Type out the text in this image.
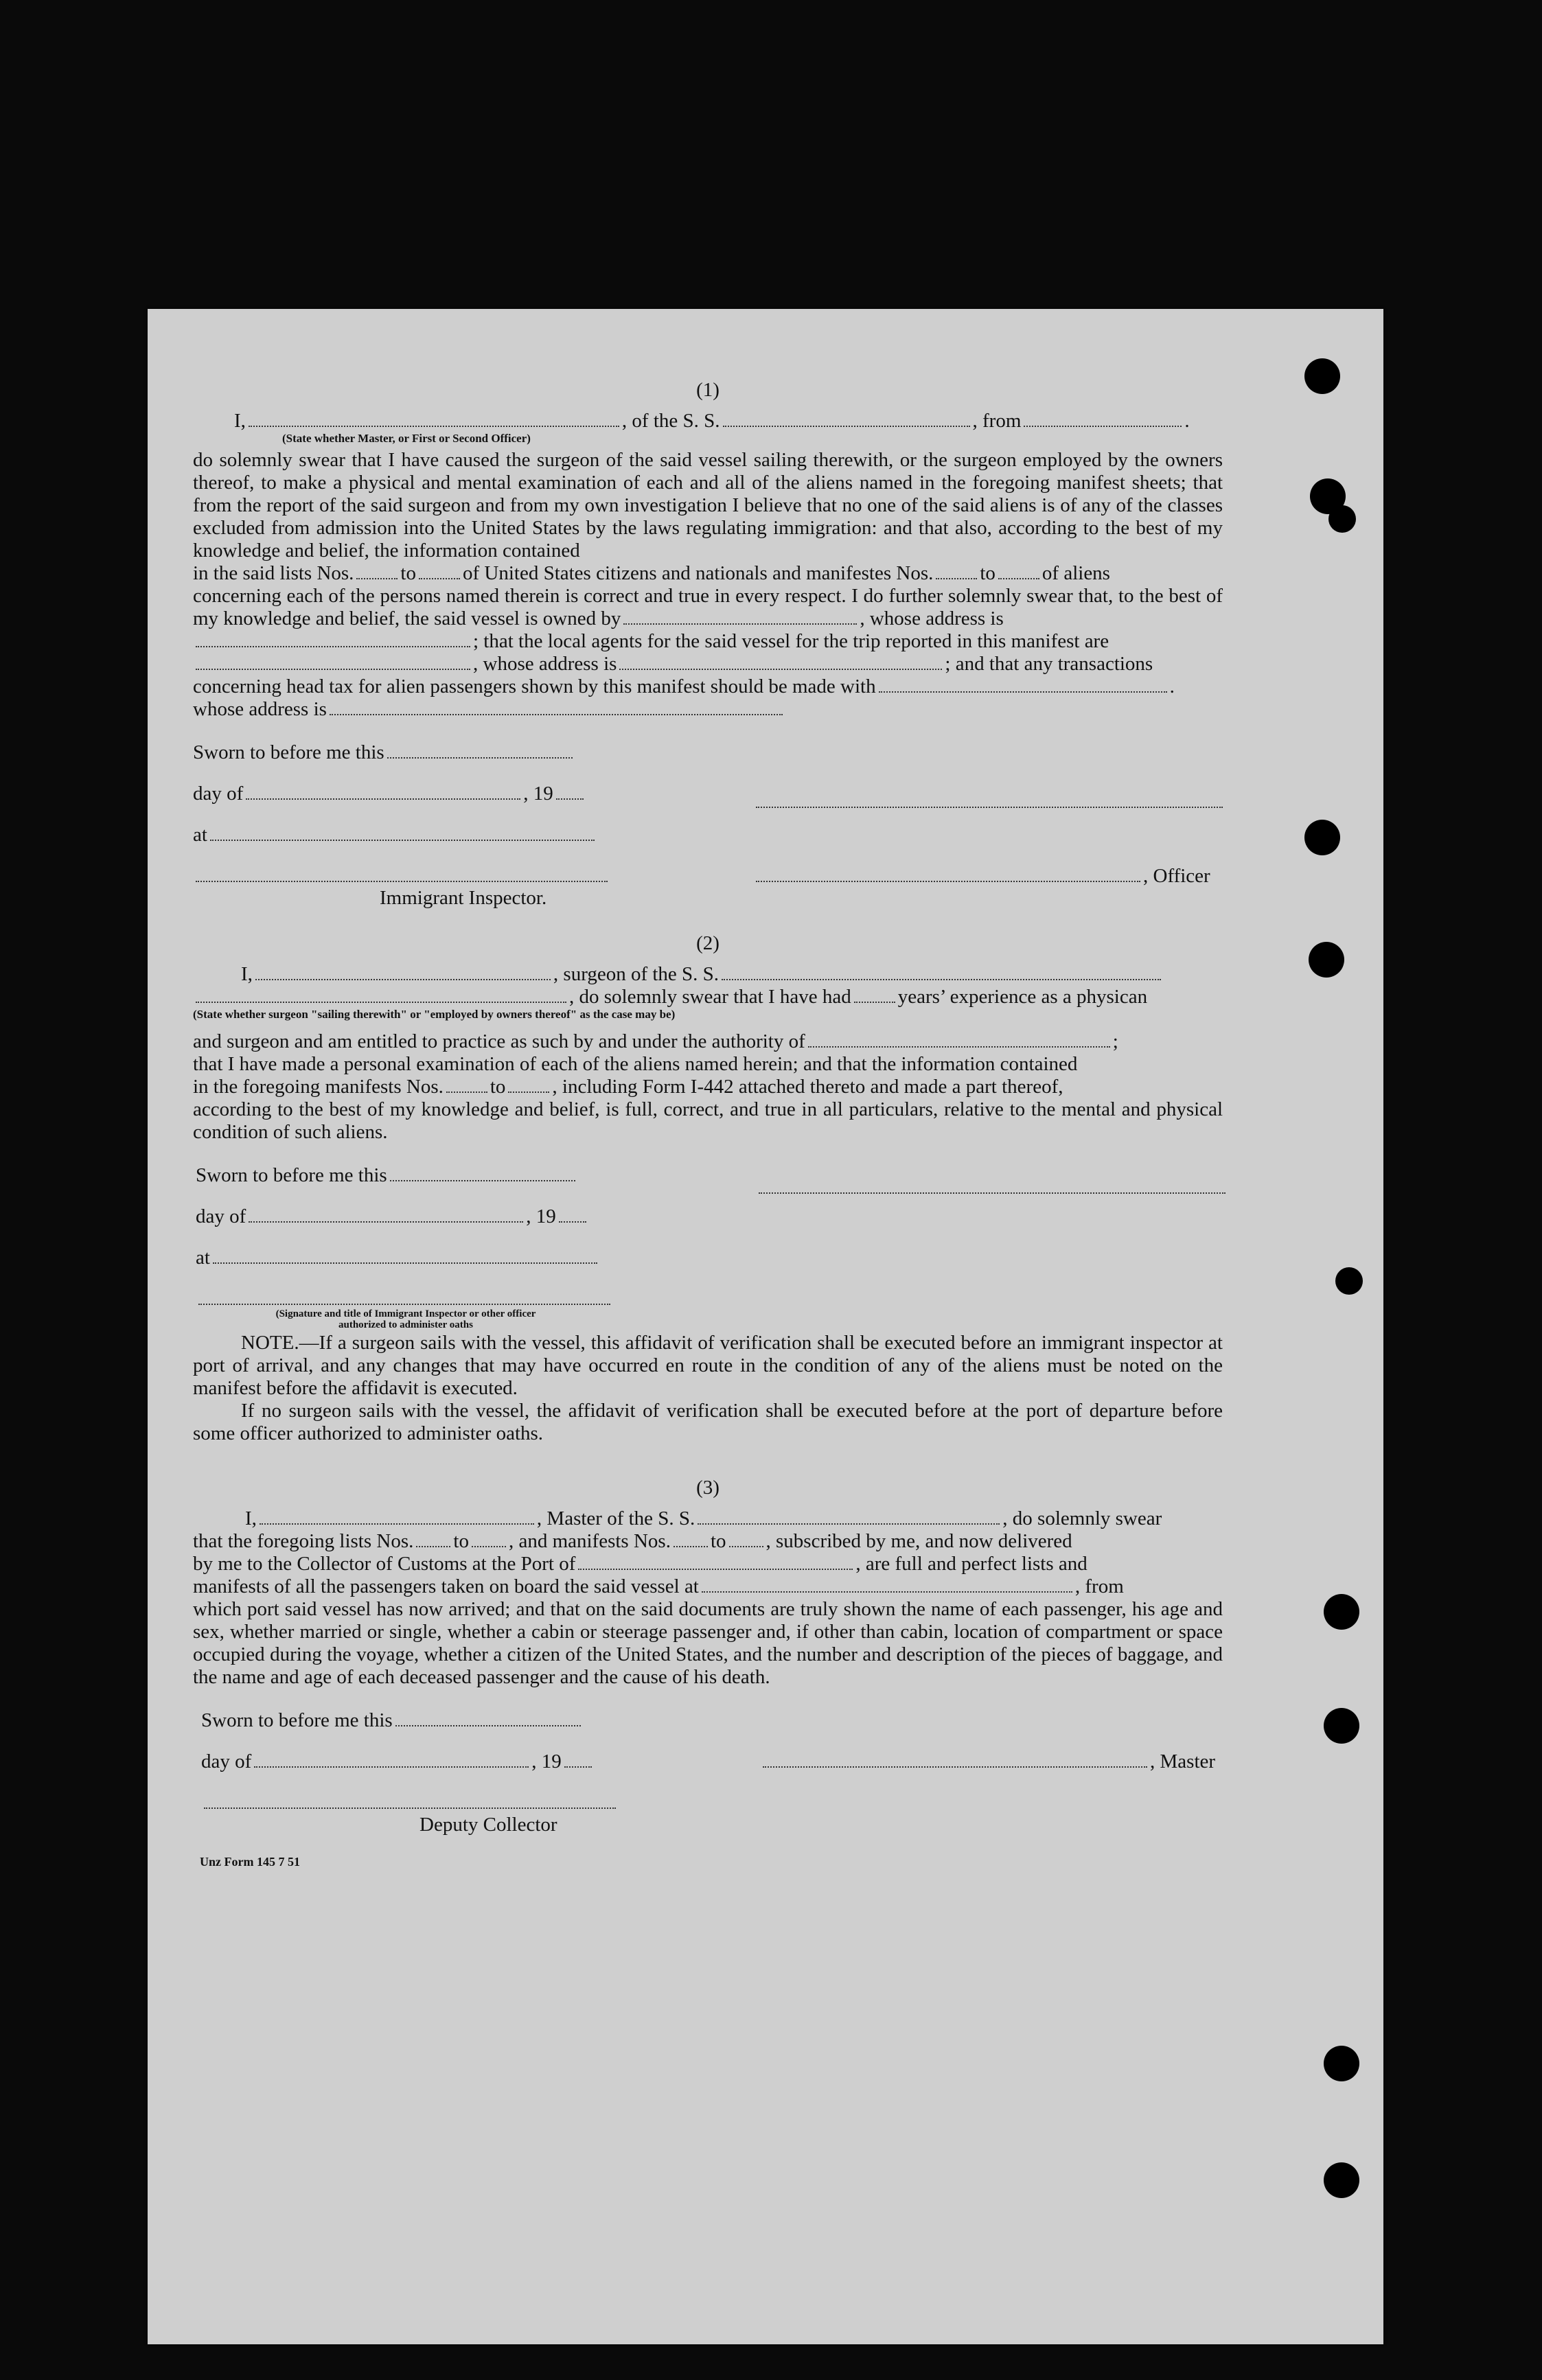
(1)
I,	, of the S. S.	, from	.
(State whether Master, or First or Second Officer)

do solemnly swear that I have caused the surgeon of the said vessel sailing therewith, or the surgeon employed by the owners thereof, to make a physical and mental examination of each and all of the aliens named in the foregoing manifest sheets; that from the report of the said surgeon and from my own investigation I believe that no one of the said aliens is of any of the classes excluded from admission into the United States by the laws regulating immigration: and that also, according to the best of my knowledge and belief, the information contained

in the said lists Nos. to of United States citizens and nationals and manifestes Nos. to of aliens

concerning each of the persons named therein is correct and true in every respect. I do further solemnly swear that, to the best of my knowledge and belief, the said vessel is owned by	, whose address is

; that the local agents for the said vessel for the trip reported in this manifest are
, whose address is	; and that any transactions
concerning head tax for alien passengers shown by this manifest should be made with	.
whose address is
Sworn to before me this
day of	, 19
at
, Officer
Immigrant Inspector.
(2)
I,	, surgeon of the S. S.
, do solemnly swear that I have had years’ experience as a physican
(State whether surgeon "sailing therewith" or "employed by owners thereof" as the case may be)
and surgeon and am entitled to practice as such by and under the authority of	;

that I have made a personal examination of each of the aliens named herein; and that the information contained

in the foregoing manifests Nos. to , including Form I-442 attached thereto and made a part thereof,

according to the best of my knowledge and belief, is full, correct, and true in all particulars, relative to the mental and physical condition of such aliens.

Sworn to before me this
day of	, 19
at
(Signature and title of Immigrant Inspector or other officer authorized to administer oaths

NOTE.—If a surgeon sails with the vessel, this affidavit of verification shall be executed before an immigrant inspector at port of arrival, and any changes that may have occurred en route in the condition of any of the aliens must be noted on the manifest before the affidavit is executed.

If no surgeon sails with the vessel, the affidavit of verification shall be executed before at the port of departure before some officer authorized to administer oaths.

(3)
I,	, Master of the S. S.	, do solemnly swear
that the foregoing lists Nos. to , and manifests Nos. to , subscribed by me, and now delivered
by me to the Collector of Customs at the Port of	, are full and perfect lists and
manifests of all the passengers taken on board the said vessel at	, from

which port said vessel has now arrived; and that on the said documents are truly shown the name of each passenger, his age and sex, whether married or single, whether a cabin or steerage passenger and, if other than cabin, location of compartment or space occupied during the voyage, whether a citizen of the United States, and the number and description of the pieces of baggage, and the name and age of each deceased passenger and the cause of his death.

Sworn to before me this
day of	, 19	, Master
Deputy Collector
Unz Form 145 7 51
